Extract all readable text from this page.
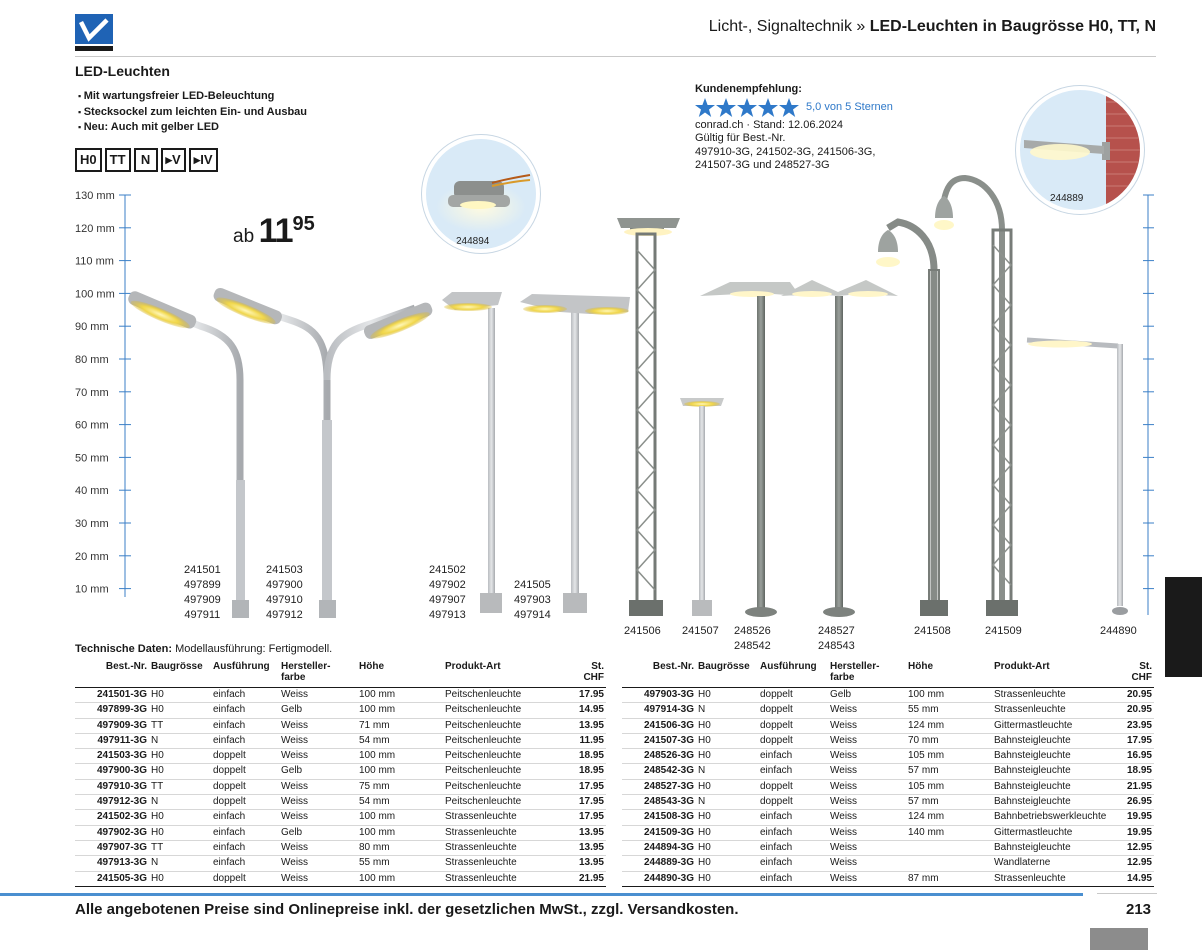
Licht-, Signaltechnik » LED-Leuchten in Baugrösse H0, TT, N
LED-Leuchten
▪ Mit wartungsfreier LED-Beleuchtung
▪ Stecksockel zum leichten Ein- und Ausbau
▪ Neu: Auch mit gelber LED
H0	TT	N	▸V	▸IV
Kundenempfehlung:
5,0 von 5 Sternen
conrad.ch · Stand: 12.06.2024
Gültig für Best.-Nr.
497910-3G, 241502-3G, 241506-3G,
241507-3G und 248527-3G
130 mm
120 mm
110 mm
100 mm
90 mm
80 mm
70 mm
60 mm
50 mm
40 mm
30 mm
20 mm
10 mm
ab 1195
244894
244889
241501
497899
497909
497911
241503
497900
497910
497912
241502
497902
497907
497913
241505
497903
497914
241506 241507 248526
248542
248527
248543
241508	241509	244890
Technische Daten: Modellausführung: Fertigmodell.
Best.-Nr.	Baugrösse	Ausführung	Hersteller-
farbe	Höhe	Produkt-Art	St. CHF
241501-3G	H0	einfach	Weiss	100 mm	Peitschenleuchte	17.95
497899-3G	H0	einfach	Gelb	100 mm	Peitschenleuchte	14.95
497909-3G	TT	einfach	Weiss	71 mm	Peitschenleuchte	13.95
497911-3G	N	einfach	Weiss	54 mm	Peitschenleuchte	11.95
241503-3G	H0	doppelt	Weiss	100 mm	Peitschenleuchte	18.95
497900-3G	H0	doppelt	Gelb	100 mm	Peitschenleuchte	18.95
497910-3G	TT	doppelt	Weiss	75 mm	Peitschenleuchte	17.95
497912-3G	N	doppelt	Weiss	54 mm	Peitschenleuchte	17.95
241502-3G	H0	einfach	Weiss	100 mm	Strassenleuchte	17.95
497902-3G	H0	einfach	Gelb	100 mm	Strassenleuchte	13.95
497907-3G	TT	einfach	Weiss	80 mm	Strassenleuchte	13.95
497913-3G	N	einfach	Weiss	55 mm	Strassenleuchte	13.95
241505-3G	H0	doppelt	Weiss	100 mm	Strassenleuchte	21.95
Best.-Nr.	Baugrösse	Ausführung	Hersteller-
farbe	Höhe	Produkt-Art	St. CHF
497903-3G	H0	doppelt	Gelb	100 mm	Strassenleuchte	20.95
497914-3G	N	doppelt	Weiss	55 mm	Strassenleuchte	20.95
241506-3G	H0	doppelt	Weiss	124 mm	Gittermastleuchte	23.95
241507-3G	H0	doppelt	Weiss	70 mm	Bahnsteigleuchte	17.95
248526-3G	H0	einfach	Weiss	105 mm	Bahnsteigleuchte	16.95
248542-3G	N	einfach	Weiss	57 mm	Bahnsteigleuchte	18.95
248527-3G	H0	doppelt	Weiss	105 mm	Bahnsteigleuchte	21.95
248543-3G	N	doppelt	Weiss	57 mm	Bahnsteigleuchte	26.95
241508-3G	H0	einfach	Weiss	124 mm	Bahnbetriebswerkleuchte	19.95
241509-3G	H0	einfach	Weiss	140 mm	Gittermastleuchte	19.95
244894-3G	H0	einfach	Weiss		Bahnsteigleuchte	12.95
244889-3G	H0	einfach	Weiss		Wandlaterne	12.95
244890-3G	H0	einfach	Weiss	87 mm	Strassenleuchte	14.95
Alle angebotenen Preise sind Onlinepreise inkl. der gesetzlichen MwSt., zzgl. Versandkosten.	213
